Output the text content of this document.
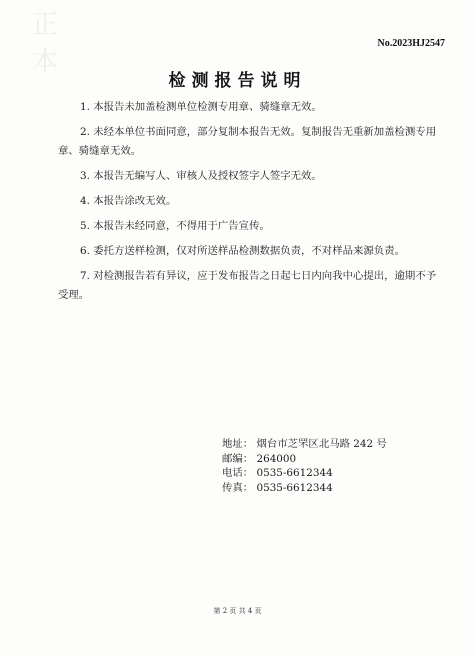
正 本
No.2023HJ2547
检测报告说明
1. 本报告未加盖检测单位检测专用章、骑缝章无效。
2. 未经本单位书面同意，部分复制本报告无效。复制报告无重新加盖检测专用章、骑缝章无效。
3. 本报告无编写人、审核人及授权签字人签字无效。
4. 本报告涂改无效。
5. 本报告未经同意，不得用于广告宣传。
6. 委托方送样检测，仅对所送样品检测数据负责，不对样品来源负责。
7. 对检测报告若有异议，应于发布报告之日起七日内向我中心提出，逾期不予受理。
地址： 烟台市芝罘区北马路 242 号
邮编： 264000
电话： 0535-6612344
传真： 0535-6612344
第 2 页 共 4 页
